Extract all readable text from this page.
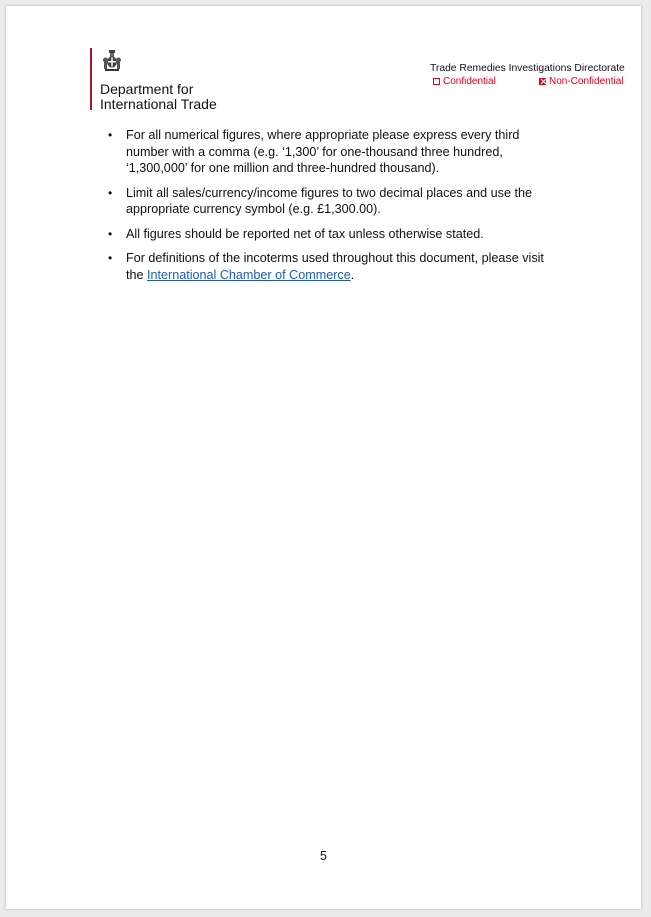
Department for
International Trade
Trade Remedies Investigations Directorate
Confidential	Non-Confidential
• For all numerical figures, where appropriate please express every third
number with a comma (e.g. ‘1,300’ for one-thousand three hundred,
‘1,300,000’ for one million and three-hundred thousand).
• Limit all sales/currency/income figures to two decimal places and use the
appropriate currency symbol (e.g. £1,300.00).
• All figures should be reported net of tax unless otherwise stated.
• For definitions of the incoterms used throughout this document, please visit
the International Chamber of Commerce.
5
